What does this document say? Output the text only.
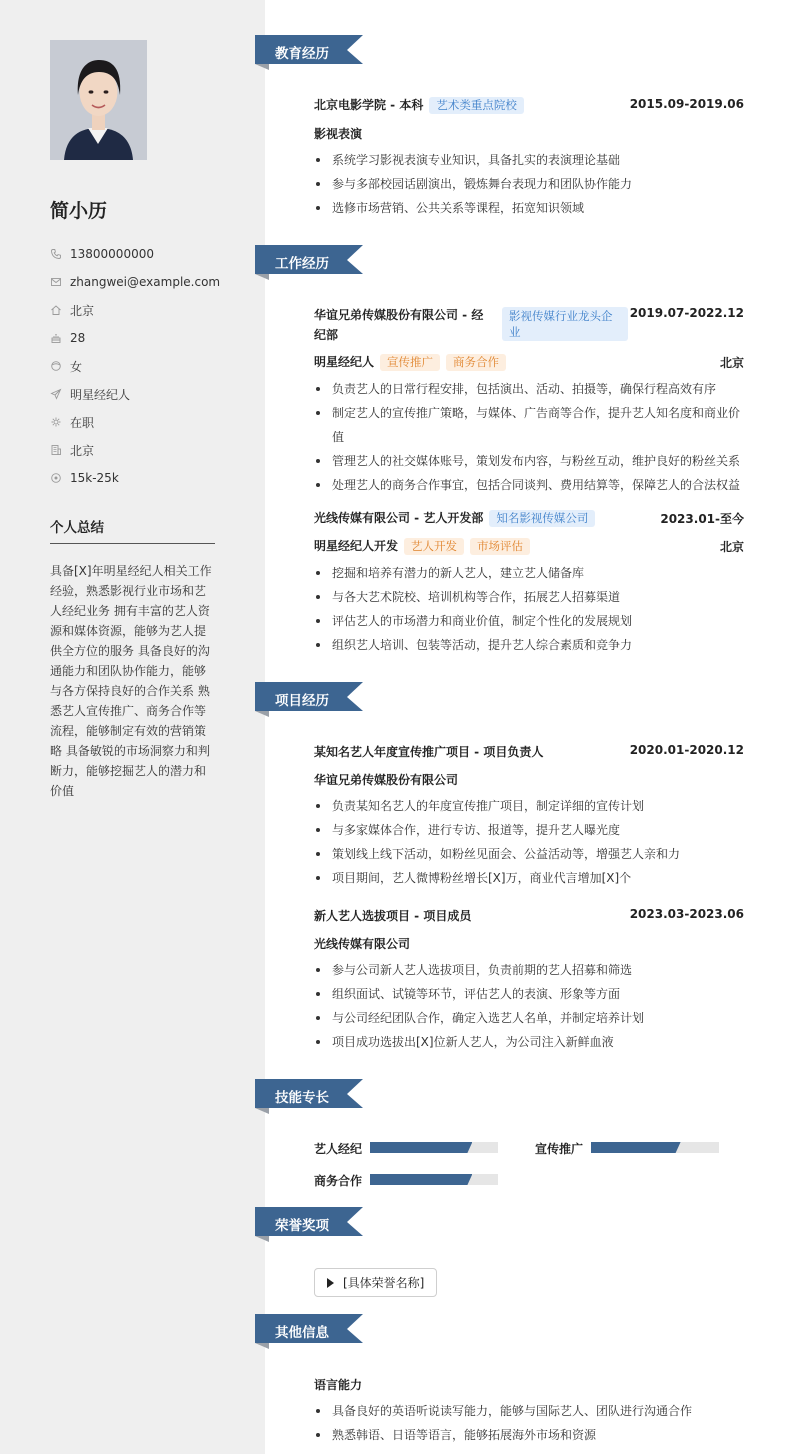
简小历
13800000000
zhangwei@example.com
北京
28
女
明星经纪人
在职
北京
15k-25k
个人总结
具备[X]年明星经纪人相关工作经验，熟悉影视行业市场和艺人经纪业务 拥有丰富的艺人资源和媒体资源，能够为艺人提供全方位的服务 具备良好的沟通能力和团队协作能力，能够与各方保持良好的合作关系 熟悉艺人宣传推广、商务合作等流程，能够制定有效的营销策略 具备敏锐的市场洞察力和判断力，能够挖掘艺人的潜力和价值
教育经历
北京电影学院 - 本科 艺术类重点院校	2015.09-2019.06
影视表演
系统学习影视表演专业知识，具备扎实的表演理论基础
参与多部校园话剧演出，锻炼舞台表现力和团队协作能力
选修市场营销、公共关系等课程，拓宽知识领域
工作经历
华谊兄弟传媒股份有限公司 - 经纪部
影视传媒行业龙头企业
2019.07-2022.12
明星经纪人 宣传推广 商务合作	北京
负责艺人的日常行程安排，包括演出、活动、拍摄等，确保行程高效有序
制定艺人的宣传推广策略，与媒体、广告商等合作，提升艺人知名度和商业价值
管理艺人的社交媒体账号，策划发布内容，与粉丝互动，维护良好的粉丝关系
处理艺人的商务合作事宜，包括合同谈判、费用结算等，保障艺人的合法权益
光线传媒有限公司 - 艺人开发部 知名影视传媒公司	2023.01-至今
明星经纪人开发 艺人开发 市场评估	北京
挖掘和培养有潜力的新人艺人，建立艺人储备库
与各大艺术院校、培训机构等合作，拓展艺人招募渠道
评估艺人的市场潜力和商业价值，制定个性化的发展规划
组织艺人培训、包装等活动，提升艺人综合素质和竞争力
项目经历
某知名艺人年度宣传推广项目 - 项目负责人	2020.01-2020.12
华谊兄弟传媒股份有限公司
负责某知名艺人的年度宣传推广项目，制定详细的宣传计划
与多家媒体合作，进行专访、报道等，提升艺人曝光度
策划线上线下活动，如粉丝见面会、公益活动等，增强艺人亲和力
项目期间，艺人微博粉丝增长[X]万，商业代言增加[X]个
新人艺人选拔项目 - 项目成员	2023.03-2023.06
光线传媒有限公司
参与公司新人艺人选拔项目，负责前期的艺人招募和筛选
组织面试、试镜等环节，评估艺人的表演、形象等方面
与公司经纪团队合作，确定入选艺人名单，并制定培养计划
项目成功选拔出[X]位新人艺人，为公司注入新鲜血液
技能专长
艺人经纪	宣传推广
商务合作
荣誉奖项
[具体荣誉名称]
其他信息
语言能力
具备良好的英语听说读写能力，能够与国际艺人、团队进行沟通合作
熟悉韩语、日语等语言，能够拓展海外市场和资源
